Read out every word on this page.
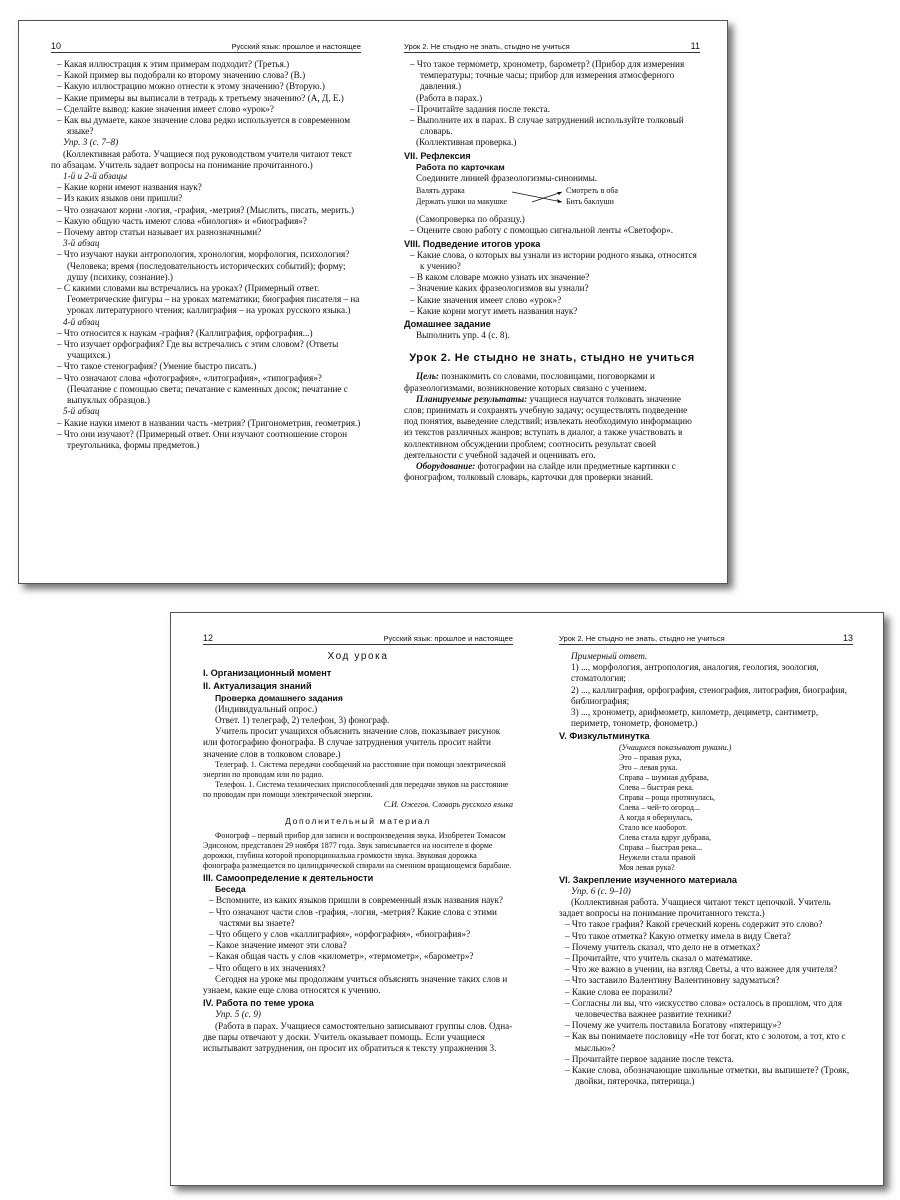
10	Русский язык: прошлое и настоящее
– Какая иллюстрация к этим примерам подходит? (Третья.)
– Какой пример вы подобрали ко второму значению слова? (В.)
– Какую иллюстрацию можно отнести к этому значению? (Вторую.)
– Какие примеры вы выписали в тетрадь к третьему значению? (А, Д, Е.)
– Сделайте вывод: какие значения имеет слово «урок»?
– Как вы думаете, какое значение слова редко используется в современном языке?
Упр. 3 (с. 7–8)
(Коллективная работа. Учащиеся под руководством учителя читают текст по абзацам. Учитель задает вопросы на понимание прочитанного.)
1-й и 2-й абзацы
– Какие корни имеют названия наук?
– Из каких языков они пришли?
– Что означают корни -логия, -графия, -метрия? (Мыслить, писать, мерить.)
– Какую общую часть имеют слова «биология» и «биография»?
– Почему автор статьи называет их разнозначными?
3-й абзац
– Что изучают науки антропология, хронология, морфология, психология? (Человека; время (последовательность исторических событий); форму; душу (психику, сознание).)
– С какими словами вы встречались на уроках? (Примерный ответ. Геометрические фигуры – на уроках математики; биография писателя – на уроках литературного чтения; каллиграфия – на уроках русского языка.)
4-й абзац
– Что относится к наукам -графия? (Каллиграфия, орфография...)
– Что изучает орфография? Где вы встречались с этим словом? (Ответы учащихся.)
– Что такое стенография? (Умение быстро писать.)
– Что означают слова «фотография», «литография», «типография»? (Печатание с помощью света; печатание с каменных досок; печатание с выпуклых образцов.)
5-й абзац
– Какие науки имеют в названии часть -метрия? (Тригонометрия, геометрия.)
– Что они изучают? (Примерный ответ. Они изучают соотношение сторон треугольника, формы предметов.)
Урок 2. Не стыдно не знать, стыдно не учиться	11
– Что такое термометр, хронометр, барометр? (Прибор для измерения температуры; точные часы; прибор для измерения атмосферного давления.)
(Работа в парах.)
– Прочитайте задания после текста.
– Выполните их в парах. В случае затруднений используйте толковый словарь.
(Коллективная проверка.)
VII. Рефлексия
Работа по карточкам
Соедините линией фразеологизмы-синонимы.
Валять дурака
Держать ушки на макушке
Смотреть в оба
Бить баклуши
(Самопроверка по образцу.)
– Оцените свою работу с помощью сигнальной ленты «Светофор».
VIII. Подведение итогов урока
– Какие слова, о которых вы узнали из истории родного языка, относятся к учению?
– В каком словаре можно узнать их значение?
– Значение каких фразеологизмов вы узнали?
– Какие значения имеет слово «урок»?
– Какие корни могут иметь названия наук?
Домашнее задание
Выполнить упр. 4 (с. 8).
Урок 2. Не стыдно не знать, стыдно не учиться
Цель: познакомить со словами, пословицами, поговорками и фразеологизмами, возникновение которых связано с учением.
Планируемые результаты: учащиеся научатся толковать значение слов; принимать и сохранять учебную задачу; осуществлять подведение под понятия, выведение следствий; извлекать необходимую информацию из текстов различных жанров; вступать в диалог, а также участвовать в коллективном обсуждении проблем; соотносить результат своей деятельности с учебной задачей и оценивать его.
Оборудование: фотографии на слайде или предметные картинки с фонографом, толковый словарь, карточки для проверки знаний.
12	Русский язык: прошлое и настоящее
Ход урока
I. Организационный момент
II. Актуализация знаний
Проверка домашнего задания
(Индивидуальный опрос.)
Ответ. 1) телеграф, 2) телефон, 3) фонограф.
Учитель просит учащихся объяснить значение слов, показывает рисунок или фотографию фонографа. В случае затруднения учитель просит найти значение слов в толковом словаре.)
Телеграф. 1. Система передачи сообщений на расстояние при помощи электрической энергии по проводам или по радио.
Телефон. 1. Система технических приспособлений для передачи звуков на расстояние по проводам при помощи электрической энергии.
С.И. Ожегов. Словарь русского языка
Дополнительный материал
Фонограф – первый прибор для записи и воспроизведения звука. Изобретен Томасом Эдисоном, представлен 29 ноября 1877 года. Звук записывается на носителе в форме дорожки, глубина которой пропорциональна громкости звука. Звуковая дорожка фонографа размещается по цилиндрической спирали на сменном вращающемся барабане.
III. Самоопределение к деятельности
Беседа
– Вспомните, из каких языков пришли в современный язык названия наук?
– Что означают части слов -графия, -логия, -метрия? Какие слова с этими частями вы знаете?
– Что общего у слов «каллиграфия», «орфография», «биография»?
– Какое значение имеют эти слова?
– Какая общая часть у слов «километр», «термометр», «барометр»?
– Что общего в их значениях?
Сегодня на уроке мы продолжим учиться объяснять значение таких слов и узнаем, какие еще слова относятся к учению.
IV. Работа по теме урока
Упр. 5 (с. 9)
(Работа в парах. Учащиеся самостоятельно записывают группы слов. Одна-две пары отвечают у доски. Учитель оказывает помощь. Если учащиеся испытывают затруднения, он просит их обратиться к тексту упражнения 3.
Урок 2. Не стыдно не знать, стыдно не учиться	13
Примерный ответ.
1) ..., морфология, антропология, аналогия, геология, зоология, стоматология;
2) ..., каллиграфия, орфография, стенография, литография, биография, библиография;
3) ..., хронометр, арифмометр, километр, дециметр, сантиметр, периметр, тонометр, фонометр.)
V. Физкультминутка
(Учащиеся показывают руками.)
Это – правая рука,
Это – левая рука.
Справа – шумная дубрава,
Слева – быстрая река.
Справа – роща протянулась,
Слева – чей-то огород...
А когда я обернулась,
Стало все наоборот.
Слева стала вдруг дубрава,
Справа – быстрая река...
Неужели стала правой
Моя левая рука?
VI. Закрепление изученного материала
Упр. 6 (с. 9–10)
(Коллективная работа. Учащиеся читают текст цепочкой. Учитель задает вопросы на понимание прочитанного текста.)
– Что такое графия? Какой греческий корень содержит это слово?
– Что такое отметка? Какую отметку имела в виду Света?
– Почему учитель сказал, что дело не в отметках?
– Прочитайте, что учитель сказал о математике.
– Что же важно в учении, на взгляд Светы, а что важнее для учителя?
– Что заставило Валентину Валентиновну задуматься?
– Какие слова ее поразили?
– Согласны ли вы, что «искусство слова» осталось в прошлом, что для человечества важнее развитие техники?
– Почему же учитель поставила Богатову «пятерищу»?
– Как вы понимаете пословицу «Не тот богат, кто с золотом, а тот, кто с мыслью»?
– Прочитайте первое задание после текста.
– Какие слова, обозначающие школьные отметки, вы выпишете? (Трояк, двойки, пятерочка, пятерища.)
